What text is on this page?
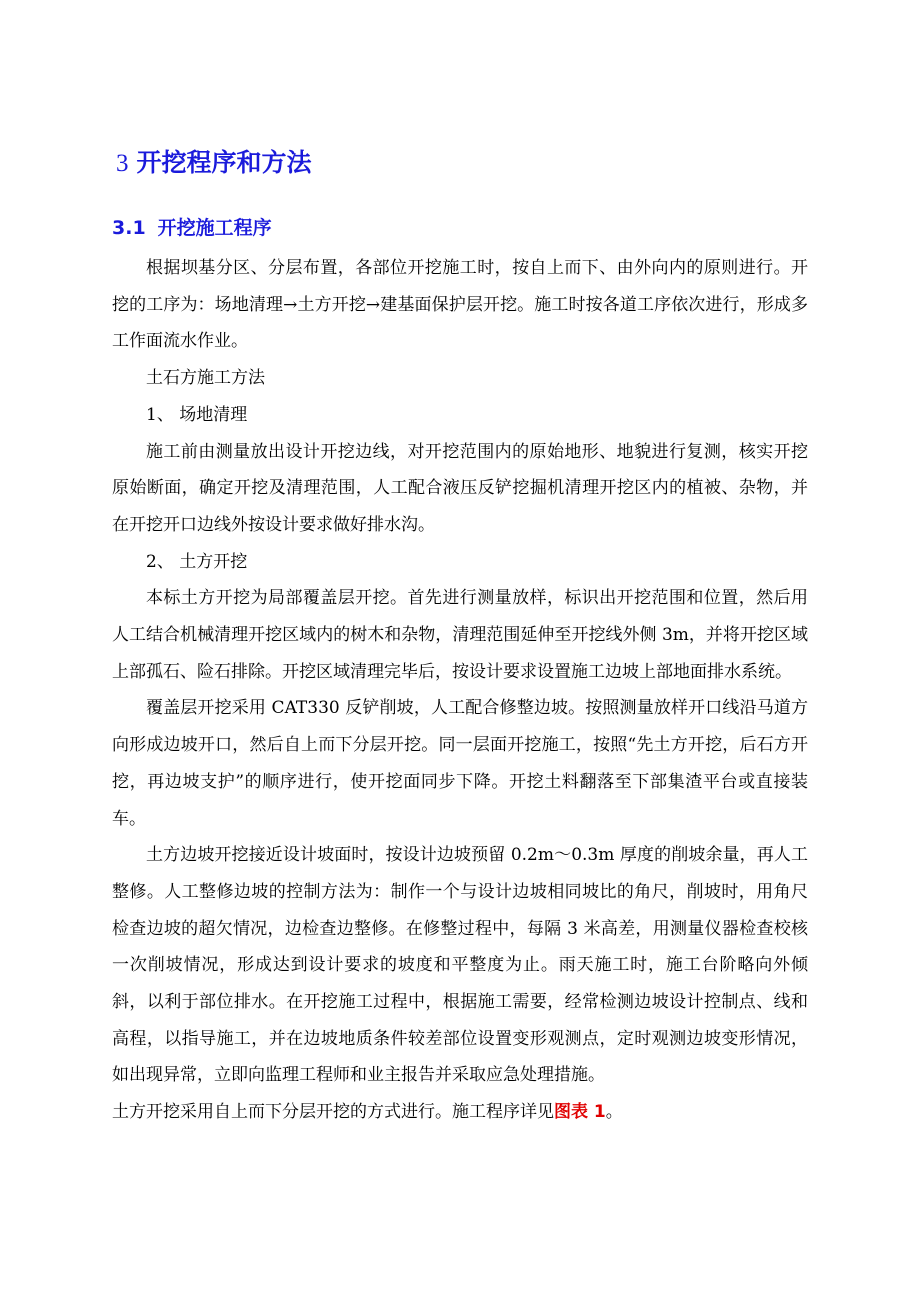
3 开挖程序和方法
3.1 开挖施工程序

根据坝基分区、分层布置，各部位开挖施工时，按自上而下、由外向内的原则进行。开挖的工序为：场地清理→土方开挖→建基面保护层开挖。施工时按各道工序依次进行，形成多工作面流水作业。

土石方施工方法

1、 场地清理

施工前由测量放出设计开挖边线，对开挖范围内的原始地形、地貌进行复测，核实开挖原始断面，确定开挖及清理范围，人工配合液压反铲挖掘机清理开挖区内的植被、杂物，并在开挖开口边线外按设计要求做好排水沟。

2、 土方开挖

本标土方开挖为局部覆盖层开挖。首先进行测量放样，标识出开挖范围和位置，然后用人工结合机械清理开挖区域内的树木和杂物，清理范围延伸至开挖线外侧 3m，并将开挖区域上部孤石、险石排除。开挖区域清理完毕后，按设计要求设置施工边坡上部地面排水系统。

覆盖层开挖采用 CAT330 反铲削坡，人工配合修整边坡。按照测量放样开口线沿马道方向形成边坡开口，然后自上而下分层开挖。同一层面开挖施工，按照“先土方开挖，后石方开挖，再边坡支护”的顺序进行，使开挖面同步下降。开挖土料翻落至下部集渣平台或直接装车。

土方边坡开挖接近设计坡面时，按设计边坡预留 0.2m～0.3m 厚度的削坡余量，再人工整修。人工整修边坡的控制方法为：制作一个与设计边坡相同坡比的角尺，削坡时，用角尺检查边坡的超欠情况，边检查边整修。在修整过程中，每隔 3 米高差，用测量仪器检查校核一次削坡情况，形成达到设计要求的坡度和平整度为止。雨天施工时，施工台阶略向外倾斜，以利于部位排水。在开挖施工过程中，根据施工需要，经常检测边坡设计控制点、线和高程，以指导施工，并在边坡地质条件较差部位设置变形观测点，定时观测边坡变形情况，如出现异常，立即向监理工程师和业主报告并采取应急处理措施。

土方开挖采用自上而下分层开挖的方式进行。施工程序详见图表 1。
